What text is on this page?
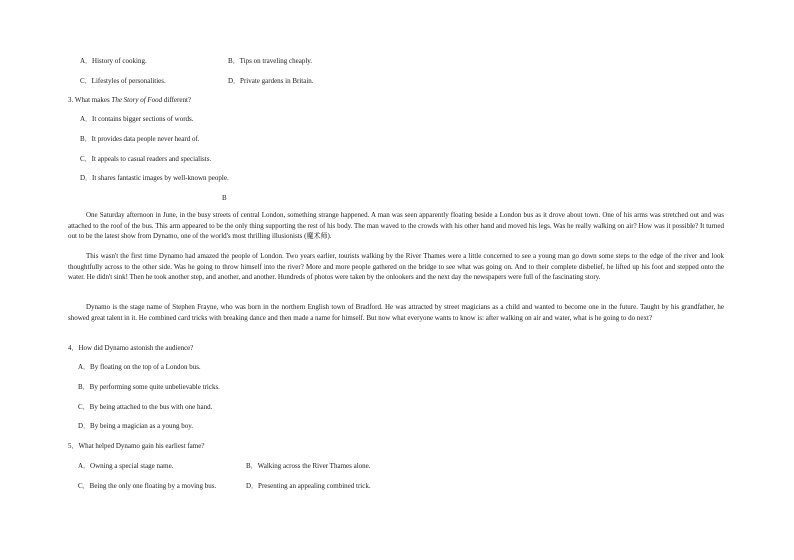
A．History of cooking.	B．Tips on traveling cheaply.
C．Lifestyles of personalities.	D．Private gardens in Britain.
3. What makes The Story of Food different?
A．It contains bigger sections of words.
B．It provides data people never heard of.
C．It appeals to casual readers and specialists.
D．It shares fantastic images by well-known people.
B

One Saturday afternoon in June, in the busy streets of central London, something strange happened. A man was seen apparently floating beside a London bus as it drove about town. One of his arms was stretched out and was attached to the roof of the bus. This arm appeared to be the only thing supporting the rest of his body. The man waved to the crowds with his other hand and moved his legs. Was he really walking on air? How was it possible? It turned out to be the latest show from Dynamo, one of the world's most thrilling illusionists (魔术师).

This wasn't the first time Dynamo had amazed the people of London. Two years earlier, tourists walking by the River Thames were a little concerned to see a young man go down some steps to the edge of the river and look thoughtfully across to the other side. Was he going to throw himself into the river? More and more people gathered on the bridge to see what was going on. And to their complete disbelief, he lifted up his foot and stepped onto the water. He didn't sink! Then he took another step, and another, and another. Hundreds of photos were taken by the onlookers and the next day the newspapers were full of the fascinating story.

Dynamo is the stage name of Stephen Frayne, who was born in the northern English town of Bradford. He was attracted by street magicians as a child and wanted to become one in the future. Taught by his grandfather, he showed great talent in it. He combined card tricks with breaking dance and then made a name for himself. But now what everyone wants to know is: after walking on air and water, what is he going to do next?

4．How did Dynamo astonish the audience?
A．By floating on the top of a London bus.
B．By performing some quite unbelievable tricks.
C．By being attached to the bus with one hand.
D．By being a magician as a young boy.
5．What helped Dynamo gain his earliest fame?
A．Owning a special stage name.	B．Walking across the River Thames alone.
C．Being the only one floating by a moving bus.	D．Presenting an appealing combined trick.
